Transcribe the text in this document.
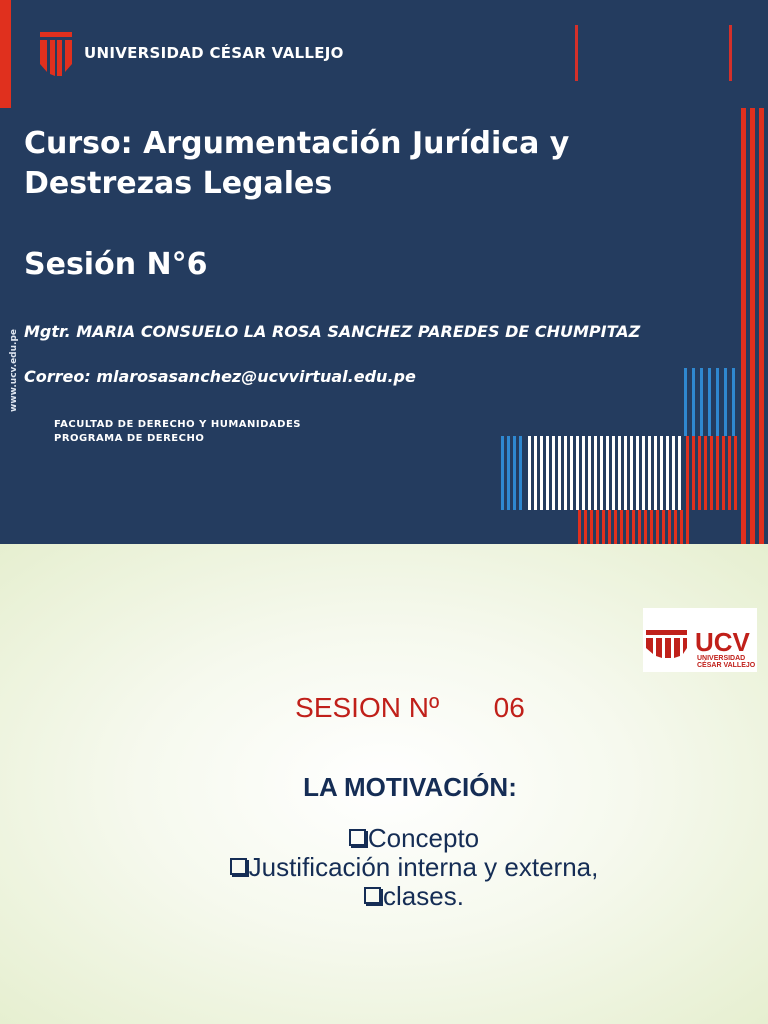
UNIVERSIDAD CÉSAR VALLEJO
www.ucv.edu.pe
Curso: Argumentación Jurídica y Destrezas Legales
Sesión N°6
Mgtr. MARIA CONSUELO LA ROSA SANCHEZ PAREDES DE CHUMPITAZ
Correo: mlarosasanchez@ucvvirtual.edu.pe
FACULTAD DE DERECHO Y HUMANIDADES
PROGRAMA DE DERECHO
UCV
UNIVERSIDAD
CÉSAR VALLEJO
SESION Nº 06
LA MOTIVACIÓN:
Concepto
Justificación interna y externa,
clases.
